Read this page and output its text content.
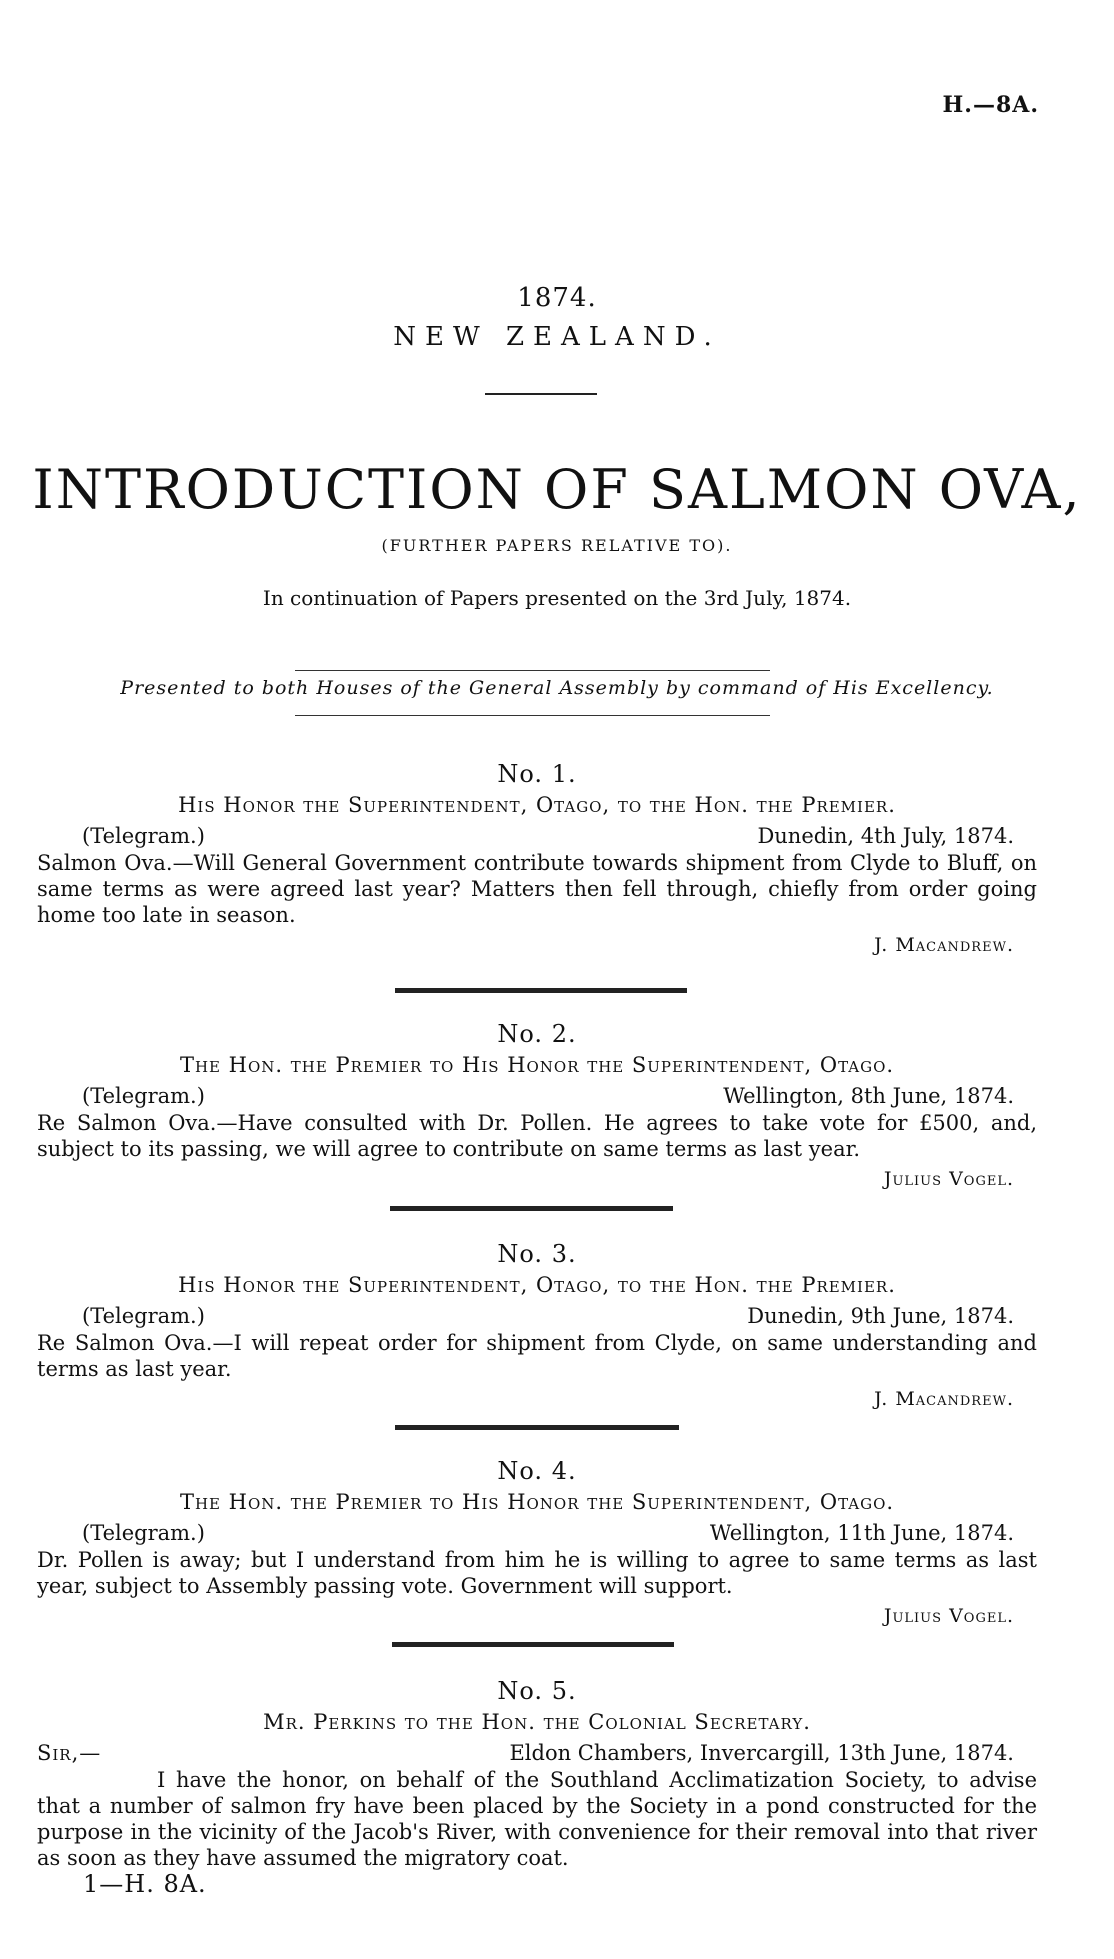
H.—8A.
1874.
NEW ZEALAND.
INTRODUCTION OF SALMON OVA,
(FURTHER PAPERS RELATIVE TO).
In continuation of Papers presented on the 3rd July, 1874.
Presented to both Houses of the General Assembly by command of His Excellency.
No. 1.
His Honor the Superintendent, Otago, to the Hon. the Premier.
(Telegram.)	Dunedin, 4th July, 1874.

Salmon Ova.—Will General Government contribute towards shipment from Clyde to Bluff, on same terms as were agreed last year? Matters then fell through, chiefly from order going home too late in season.

J. Macandrew.
No. 2.
The Hon. the Premier to His Honor the Superintendent, Otago.
(Telegram.)	Wellington, 8th June, 1874.

Re Salmon Ova.—Have consulted with Dr. Pollen. He agrees to take vote for £500, and, subject to its passing, we will agree to contribute on same terms as last year.

Julius Vogel.
No. 3.
His Honor the Superintendent, Otago, to the Hon. the Premier.
(Telegram.)	Dunedin, 9th June, 1874.

Re Salmon Ova.—I will repeat order for shipment from Clyde, on same understanding and terms as last year.

J. Macandrew.
No. 4.
The Hon. the Premier to His Honor the Superintendent, Otago.
(Telegram.)	Wellington, 11th June, 1874.

Dr. Pollen is away; but I understand from him he is willing to agree to same terms as last year, subject to Assembly passing vote. Government will support.

Julius Vogel.
No. 5.
Mr. Perkins to the Hon. the Colonial Secretary.
Sir,—	Eldon Chambers, Invercargill, 13th June, 1874.

I have the honor, on behalf of the Southland Acclimatization Society, to advise that a number of salmon fry have been placed by the Society in a pond constructed for the purpose in the vicinity of the Jacob's River, with convenience for their removal into that river as soon as they have assumed the migratory coat.

1—H. 8A.
